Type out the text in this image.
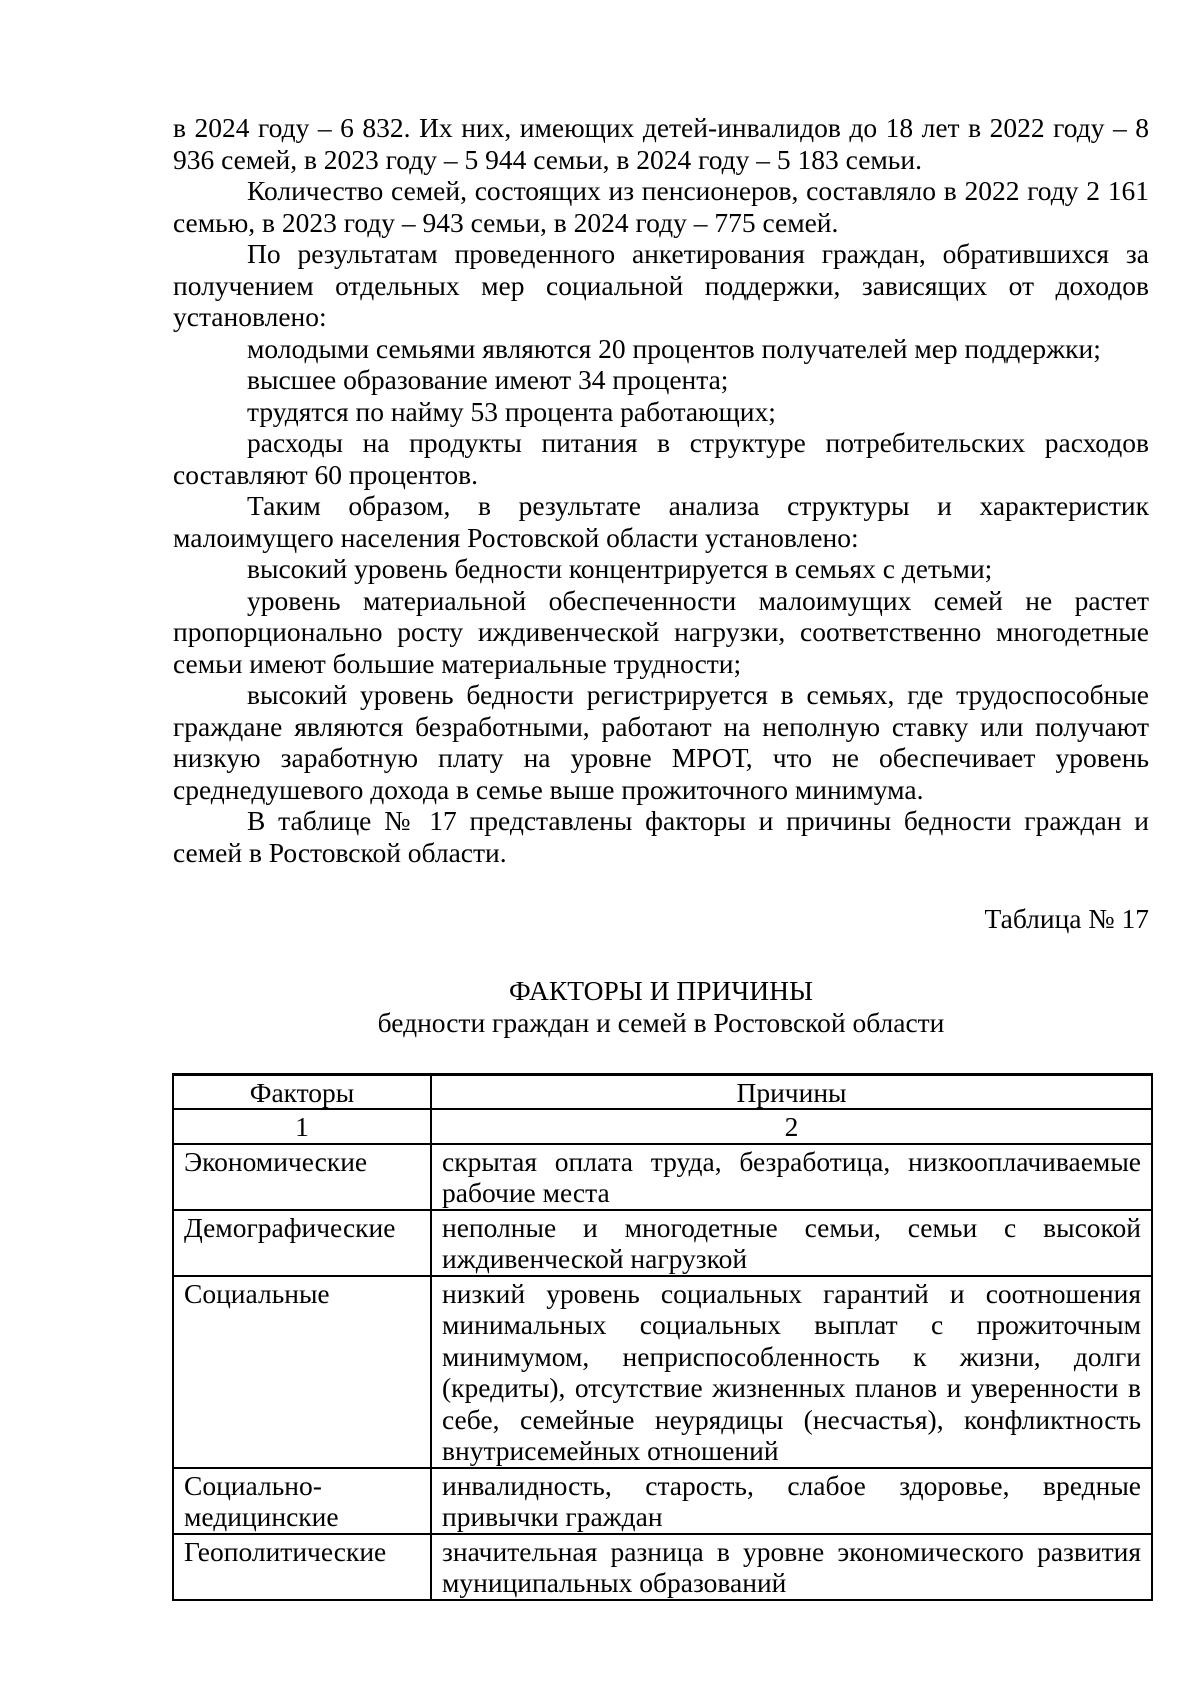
в 2024 году – 6 832. Их них, имеющих детей-инвалидов до 18 лет в 2022 году – 8 936 семей, в 2023 году – 5 944 семьи, в 2024 году – 5 183 семьи.

Количество семей, состоящих из пенсионеров, составляло в 2022 году 2 161 семью, в 2023 году – 943 семьи, в 2024 году – 775 семей.

По результатам проведенного анкетирования граждан, обратившихся за получением отдельных мер социальной поддержки, зависящих от доходов установлено:

молодыми семьями являются 20 процентов получателей мер поддержки;

высшее образование имеют 34 процента;

трудятся по найму 53 процента работающих;

расходы на продукты питания в структуре потребительских расходов составляют 60 процентов.

Таким образом, в результате анализа структуры и характеристик малоимущего населения Ростовской области установлено:

высокий уровень бедности концентрируется в семьях с детьми;

уровень материальной обеспеченности малоимущих семей не растет пропорционально росту иждивенческой нагрузки, соответственно многодетные семьи имеют большие материальные трудности;

высокий уровень бедности регистрируется в семьях, где трудоспособные граждане являются безработными, работают на неполную ставку или получают низкую заработную плату на уровне МРОТ, что не обеспечивает уровень среднедушевого дохода в семье выше прожиточного минимума.

В таблице № 17 представлены факторы и причины бедности граждан и семей в Ростовской области.

Таблица № 17

ФАКТОРЫ И ПРИЧИНЫ

бедности граждан и семей в Ростовской области

Факторы	Причины
1	2
Экономические	скрытая оплата труда, безработица, низкооплачиваемые рабочие места
Демографические	неполные и многодетные семьи, семьи с высокой иждивенческой нагрузкой
Социальные	низкий уровень социальных гарантий и соотношения минимальных социальных выплат с прожиточным минимумом, неприспособленность к жизни, долги (кредиты), отсутствие жизненных планов и уверенности в себе, семейные неурядицы (несчастья), конфликтность внутрисемейных отношений
Социально-медицинские	инвалидность, старость, слабое здоровье, вредные привычки граждан
Геополитические	значительная разница в уровне экономического развития муниципальных образований
